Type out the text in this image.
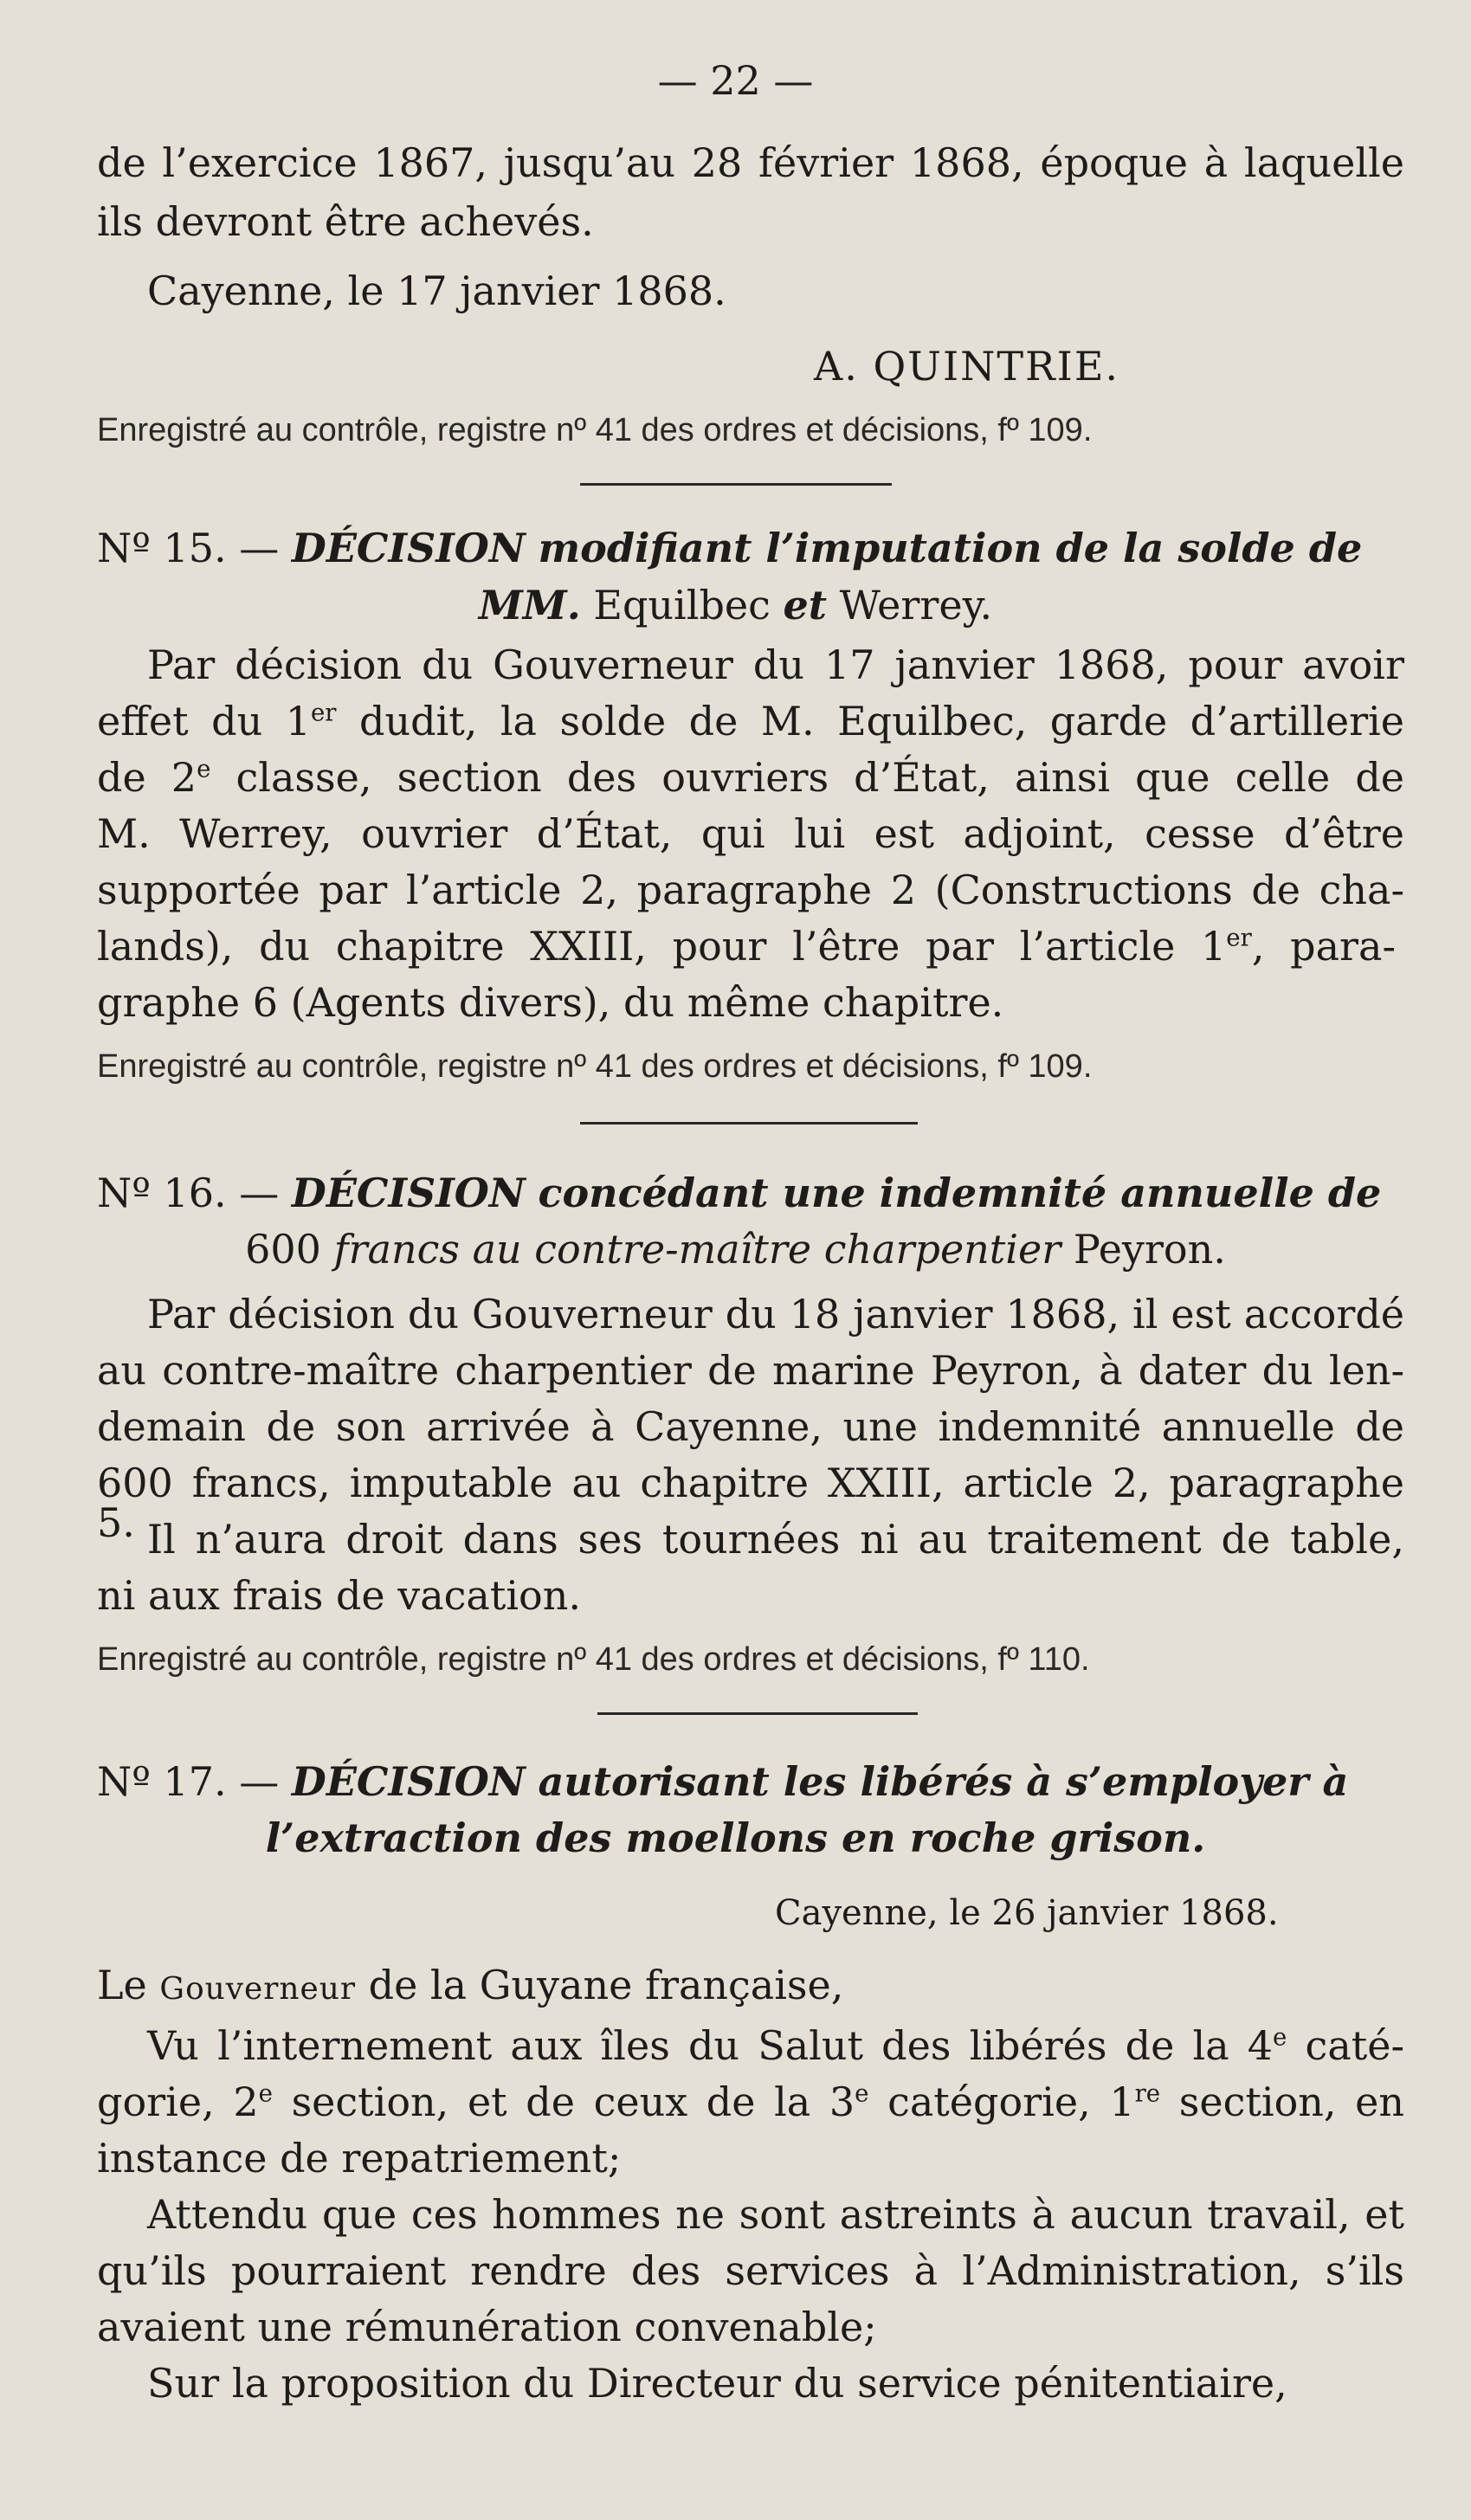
— 22 —
de l’exercice 1867, jusqu’au 28 février 1868, époque à laquelle
ils devront être achevés.
Cayenne, le 17 janvier 1868.
A. QUINTRIE.
Enregistré au contrôle, registre nº 41 des ordres et décisions, fº 109.
Nº 15. — DÉCISION modifiant l’imputation de la solde de
MM. Equilbec et Werrey.
Par décision du Gouverneur du 17 janvier 1868, pour avoir
effet du 1er dudit, la solde de M. Equilbec, garde d’artillerie
de 2e classe, section des ouvriers d’État, ainsi que celle de
M. Werrey, ouvrier d’État, qui lui est adjoint, cesse d’être
supportée par l’article 2, paragraphe 2 (Constructions de cha-
lands), du chapitre XXIII, pour l’être par l’article 1er, para-
graphe 6 (Agents divers), du même chapitre.
Enregistré au contrôle, registre nº 41 des ordres et décisions, fº 109.
Nº 16. — DÉCISION concédant une indemnité annuelle de
600 francs au contre-maître charpentier Peyron.
Par décision du Gouverneur du 18 janvier 1868, il est accordé
au contre-maître charpentier de marine Peyron, à dater du len-
demain de son arrivée à Cayenne, une indemnité annuelle de
600 francs, imputable au chapitre XXIII, article 2, paragraphe 5. Il n’aura droit dans ses tournées ni au traitement de table,
ni aux frais de vacation.
Enregistré au contrôle, registre nº 41 des ordres et décisions, fº 110.
Nº 17. — DÉCISION autorisant les libérés à s’employer à
l’extraction des moellons en roche grison.
Cayenne, le 26 janvier 1868.
Le Gouverneur de la Guyane française,
Vu l’internement aux îles du Salut des libérés de la 4e caté-
gorie, 2e section, et de ceux de la 3e catégorie, 1re section, en
instance de repatriement;
Attendu que ces hommes ne sont astreints à aucun travail, et
qu’ils pourraient rendre des services à l’Administration, s’ils
avaient une rémunération convenable;
Sur la proposition du Directeur du service pénitentiaire,
